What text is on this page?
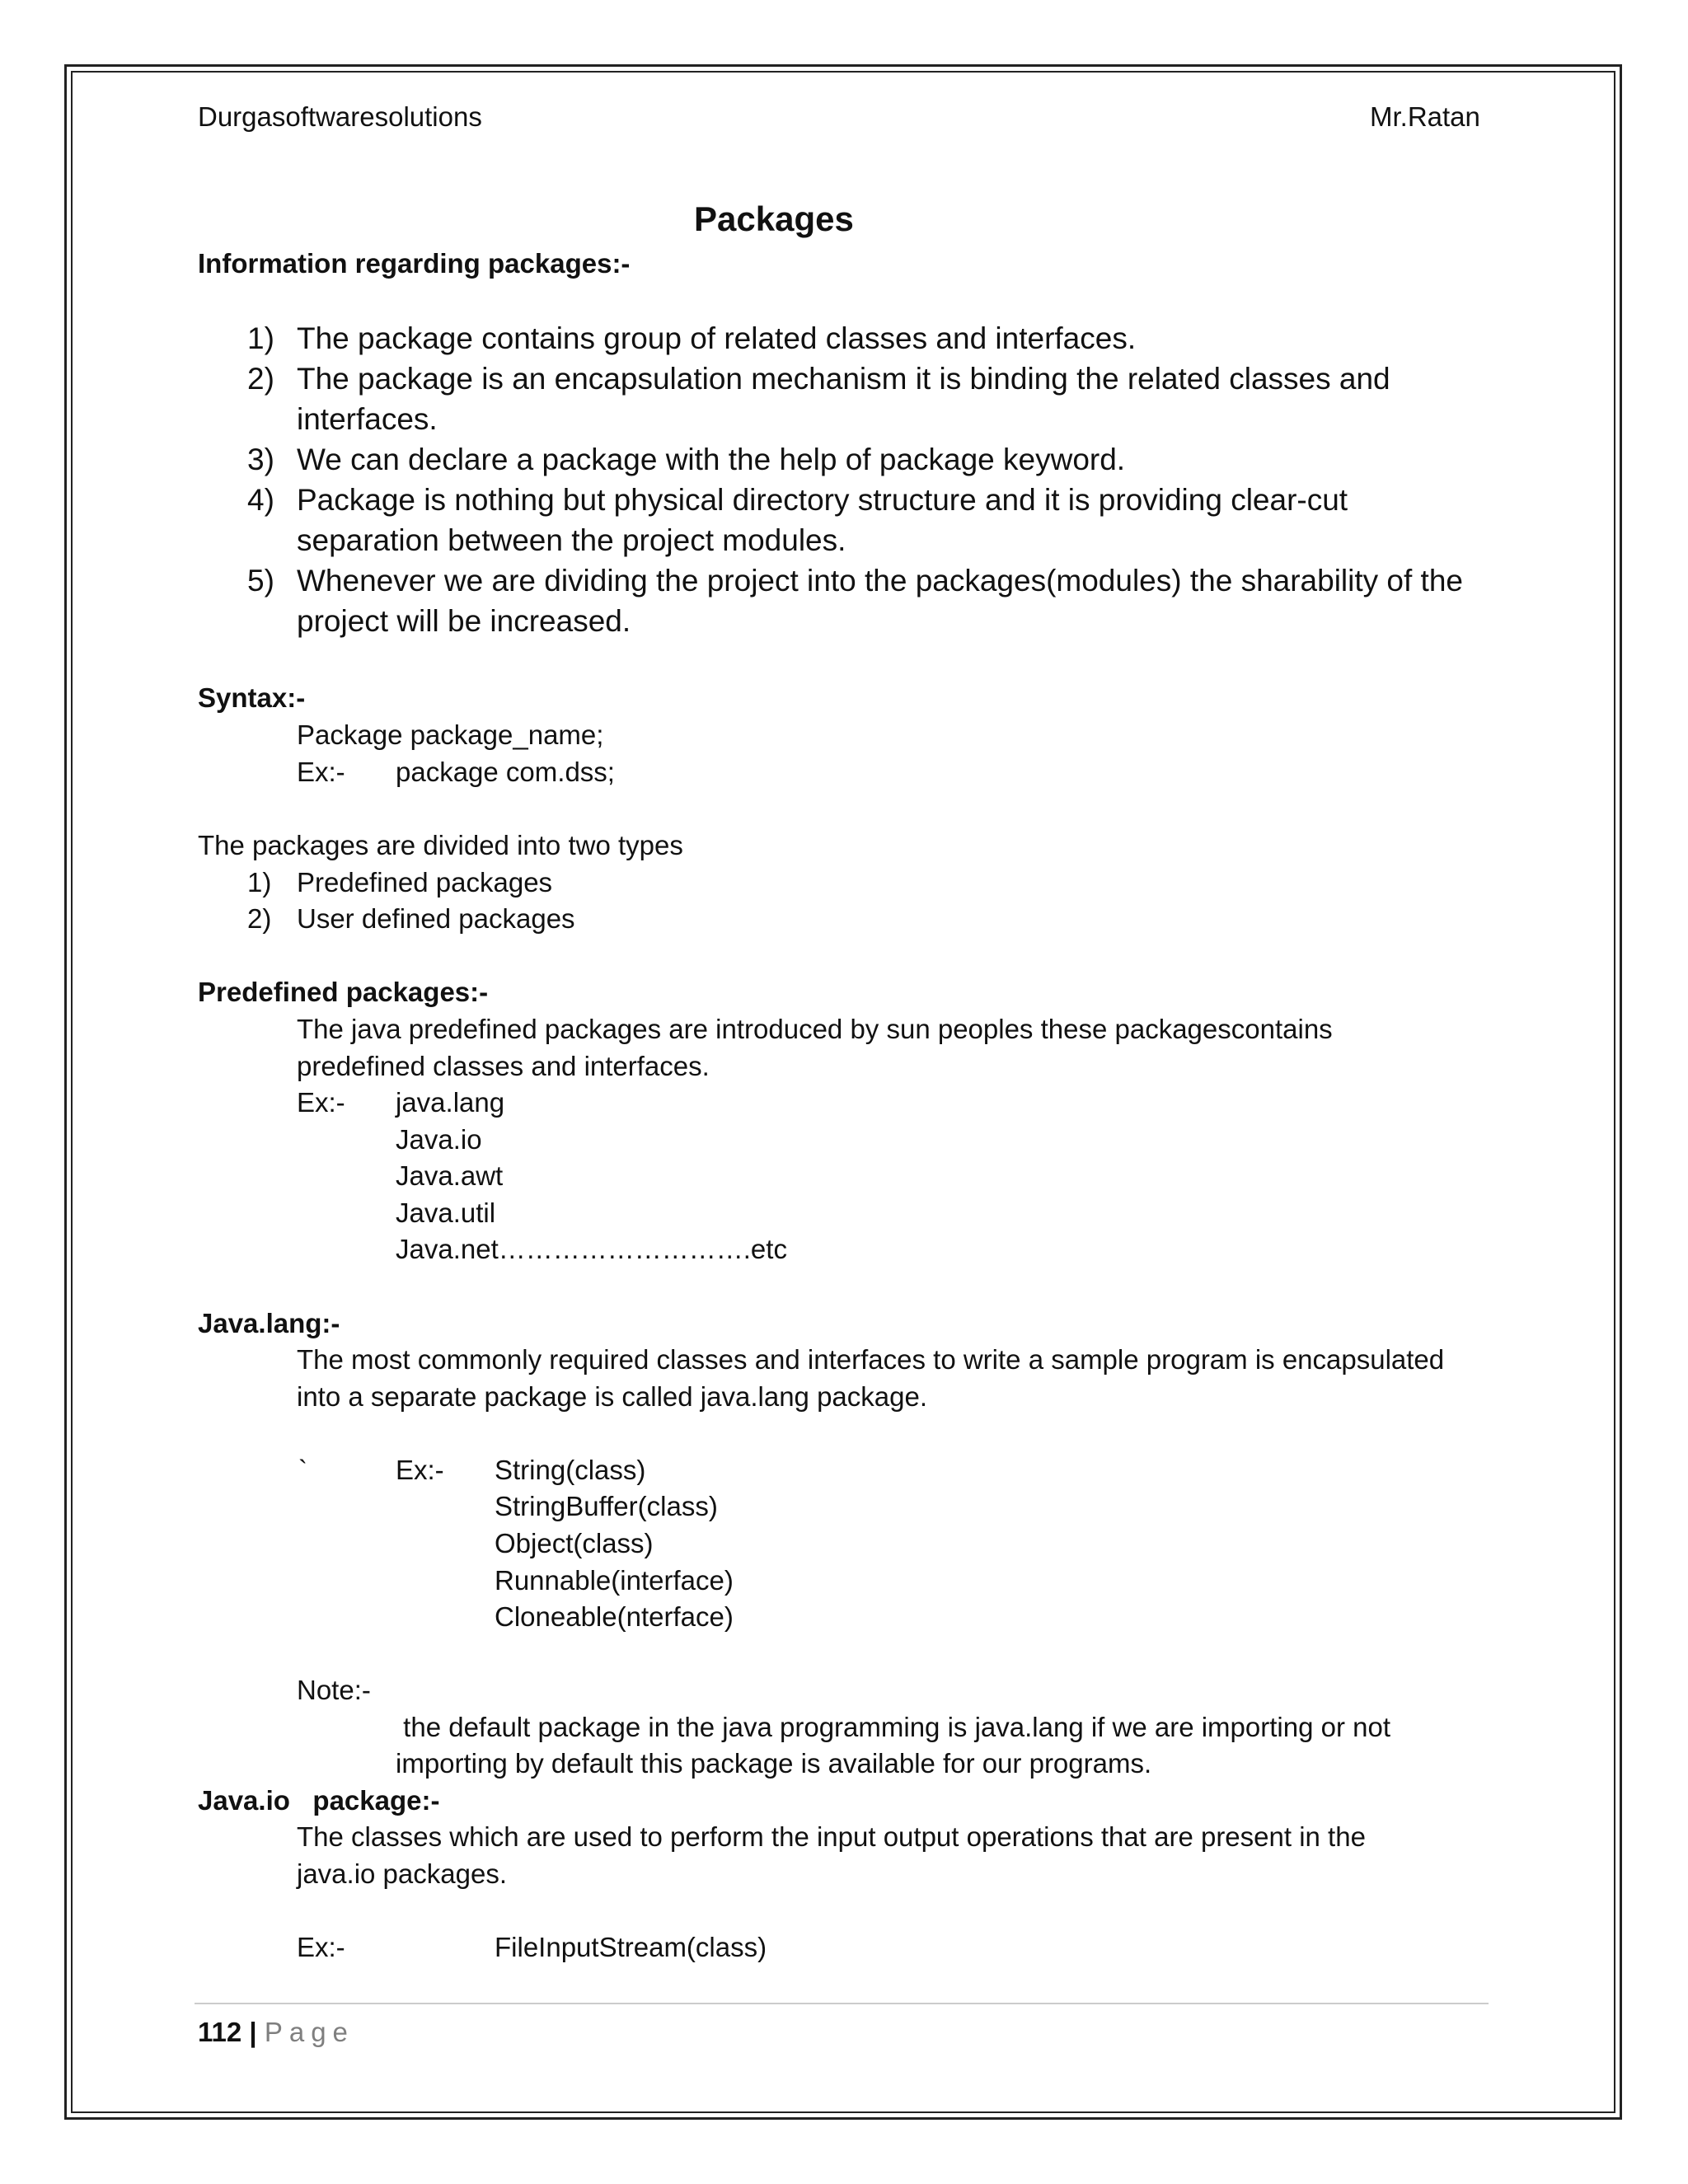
Durgasoftwaresolutions	Mr.Ratan
Packages
Information regarding packages:-
1) The package contains group of related classes and interfaces.
2) The package is an encapsulation mechanism it is binding the related classes and
interfaces.
3) We can declare a package with the help of package keyword.
4) Package is nothing but physical directory structure and it is providing clear-cut
separation between the project modules.
5) Whenever we are dividing the project into the packages(modules) the sharability of the
project will be increased.
Syntax:-
Package package_name;
Ex:- package com.dss;
The packages are divided into two types
1) Predefined packages
2) User defined packages
Predefined packages:-
The java predefined packages are introduced by sun peoples these packagescontains
predefined classes and interfaces.
Ex:- java.lang
Java.io
Java.awt
Java.util
Java.net……………………….etc
Java.lang:-
The most commonly required classes and interfaces to write a sample program is encapsulated
into a separate package is called java.lang package.
`	Ex:- String(class)
StringBuffer(class)
Object(class)
Runnable(interface)
Cloneable(nterface)
Note:-
the default package in the java programming is java.lang if we are importing or not
importing by default this package is available for our programs.
Java.io   package:-
The classes which are used to perform the input output operations that are present in the
java.io packages.
Ex:-	FileInputStream(class)
112 | Page
